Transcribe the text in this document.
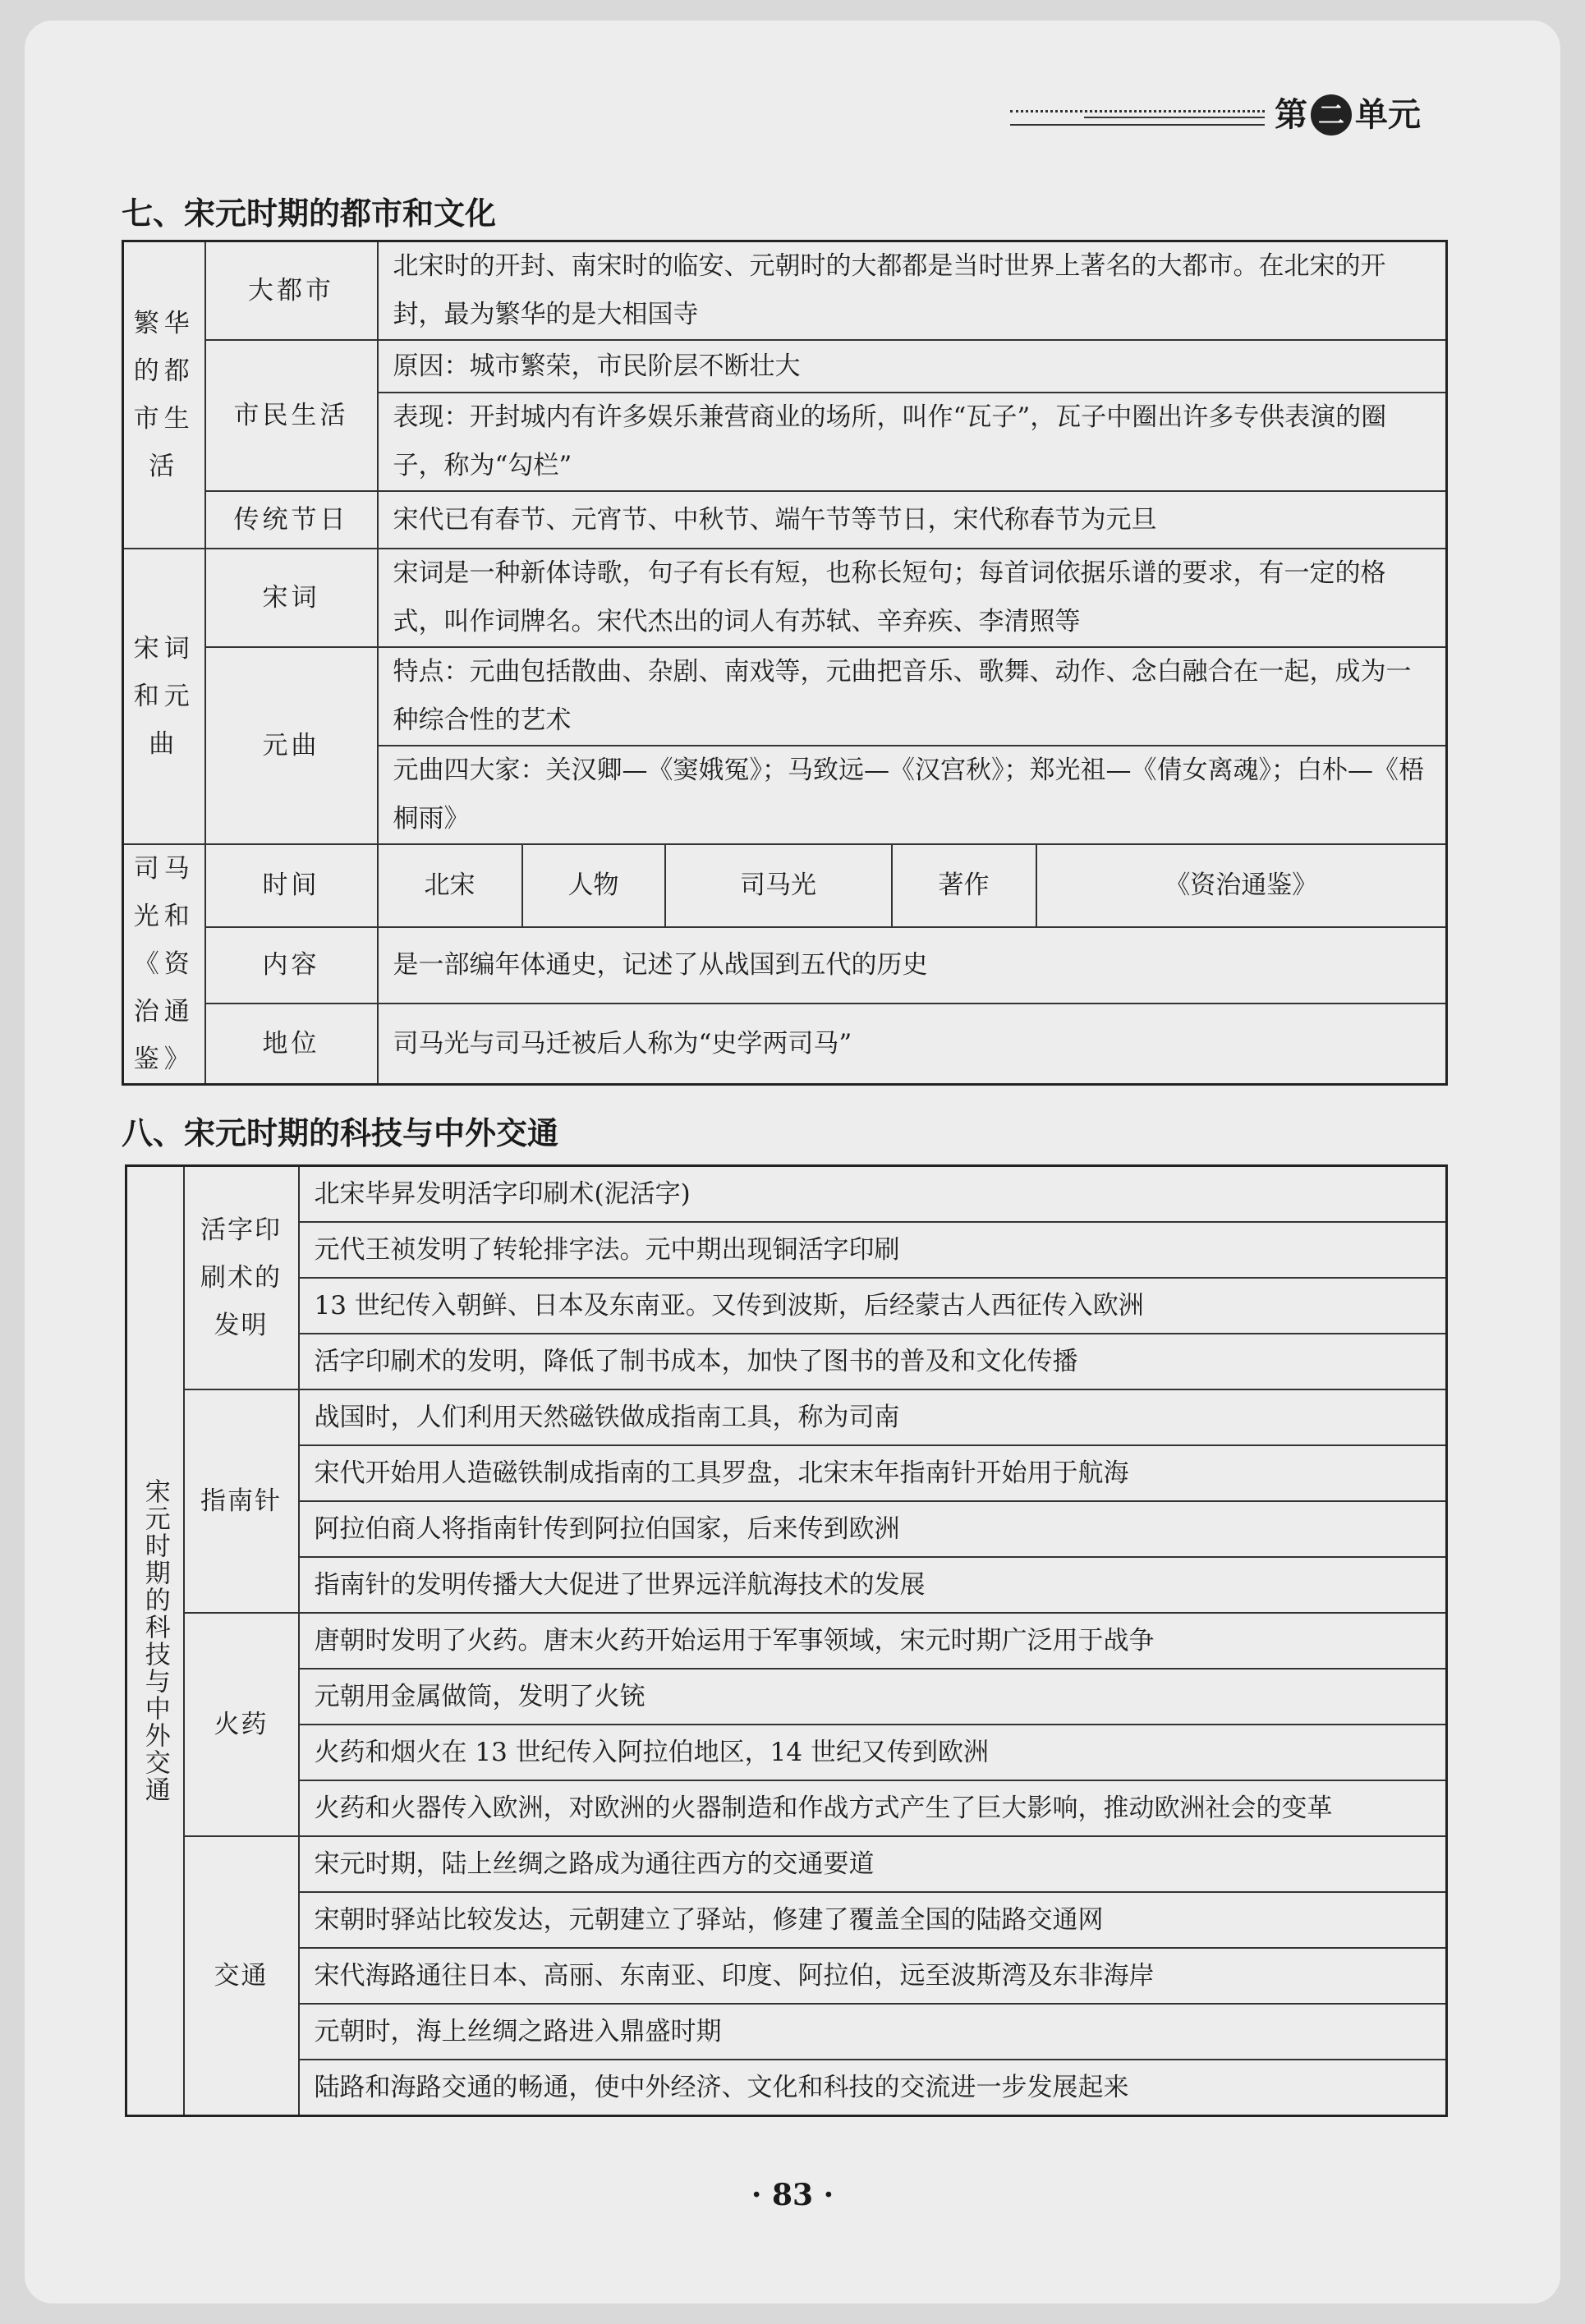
第 二 单元
七、宋元时期的都市和文化
繁华的都市生活	大都市	北宋时的开封、南宋时的临安、元朝时的大都都是当时世界上著名的大都市。在北宋的开封，最为繁华的是大相国寺				
	市民生活	原因：城市繁荣，市民阶层不断壮大				
		表现：开封城内有许多娱乐兼营商业的场所，叫作“瓦子”，瓦子中圈出许多专供表演的圈子，称为“勾栏”				
	传统节日	宋代已有春节、元宵节、中秋节、端午节等节日，宋代称春节为元旦				
宋词和元曲	宋词	宋词是一种新体诗歌，句子有长有短，也称长短句；每首词依据乐谱的要求，有一定的格式，叫作词牌名。宋代杰出的词人有苏轼、辛弃疾、李清照等				
	元曲	特点：元曲包括散曲、杂剧、南戏等，元曲把音乐、歌舞、动作、念白融合在一起，成为一种综合性的艺术				
		元曲四大家：关汉卿—《窦娥冤》；马致远—《汉宫秋》；郑光祖—《倩女离魂》；白朴—《梧桐雨》				
司马光和《资治通鉴》	时间	北宋	人物	司马光	著作	《资治通鉴》
	内容	是一部编年体通史，记述了从战国到五代的历史				
	地位	司马光与司马迁被后人称为“史学两司马”				
八、宋元时期的科技与中外交通
宋元时期的科技与中外交通	活字印刷术的发明	北宋毕昇发明活字印刷术(泥活字)
		元代王祯发明了转轮排字法。元中期出现铜活字印刷
		13 世纪传入朝鲜、日本及东南亚。又传到波斯，后经蒙古人西征传入欧洲
		活字印刷术的发明，降低了制书成本，加快了图书的普及和文化传播
	指南针	战国时，人们利用天然磁铁做成指南工具，称为司南
		宋代开始用人造磁铁制成指南的工具罗盘，北宋末年指南针开始用于航海
		阿拉伯商人将指南针传到阿拉伯国家，后来传到欧洲
		指南针的发明传播大大促进了世界远洋航海技术的发展
	火药	唐朝时发明了火药。唐末火药开始运用于军事领域，宋元时期广泛用于战争
		元朝用金属做筒，发明了火铳
		火药和烟火在 13 世纪传入阿拉伯地区，14 世纪又传到欧洲
		火药和火器传入欧洲，对欧洲的火器制造和作战方式产生了巨大影响，推动欧洲社会的变革
	交通	宋元时期，陆上丝绸之路成为通往西方的交通要道
		宋朝时驿站比较发达，元朝建立了驿站，修建了覆盖全国的陆路交通网
		宋代海路通往日本、高丽、东南亚、印度、阿拉伯，远至波斯湾及东非海岸
		元朝时，海上丝绸之路进入鼎盛时期
		陆路和海路交通的畅通，使中外经济、文化和科技的交流进一步发展起来
· 83 ·
